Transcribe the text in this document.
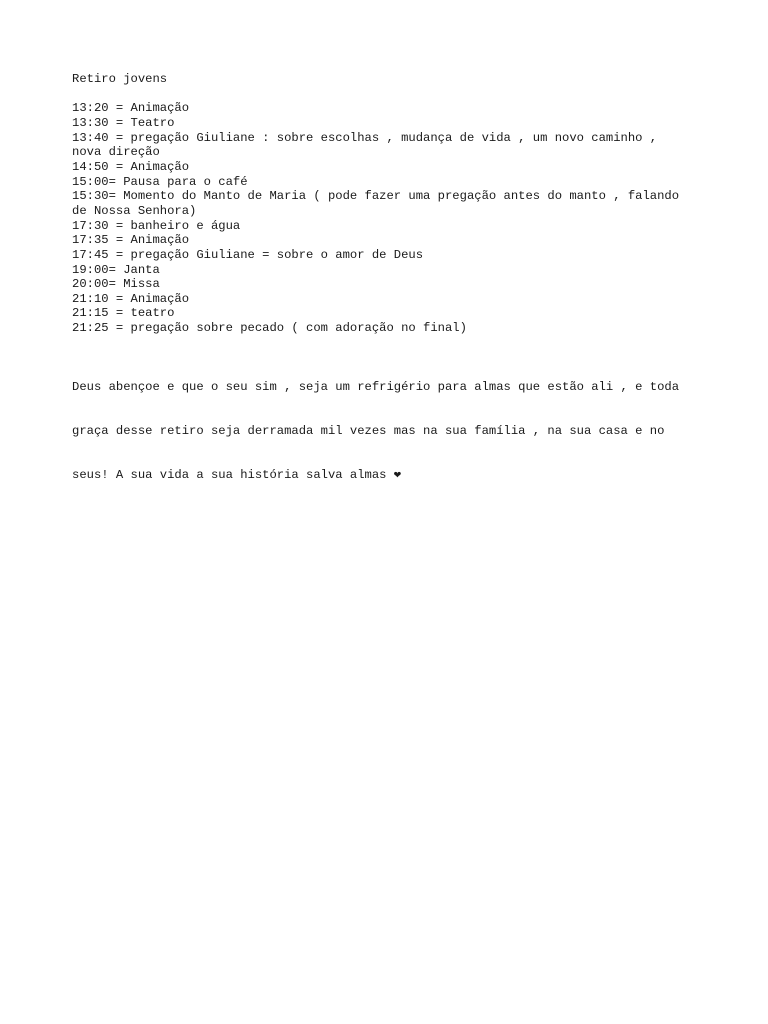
Retiro jovens
13:20 = Animação
13:30 = Teatro
13:40 = pregação Giuliane : sobre escolhas , mudança de vida , um novo caminho ,
nova direção
14:50 = Animação
15:00= Pausa para o café
15:30= Momento do Manto de Maria ( pode fazer uma pregação antes do manto , falando
de Nossa Senhora)
17:30 = banheiro e água
17:35 = Animação
17:45 = pregação Giuliane = sobre o amor de Deus
19:00= Janta
20:00= Missa
21:10 = Animação
21:15 = teatro
21:25 = pregação sobre pecado ( com adoração no final)

Deus abençoe e que o seu sim , seja um refrigério para almas que estão ali , e toda

graça desse retiro seja derramada mil vezes mas na sua família , na sua casa e no

seus! A sua vida a sua história salva almas ❤
